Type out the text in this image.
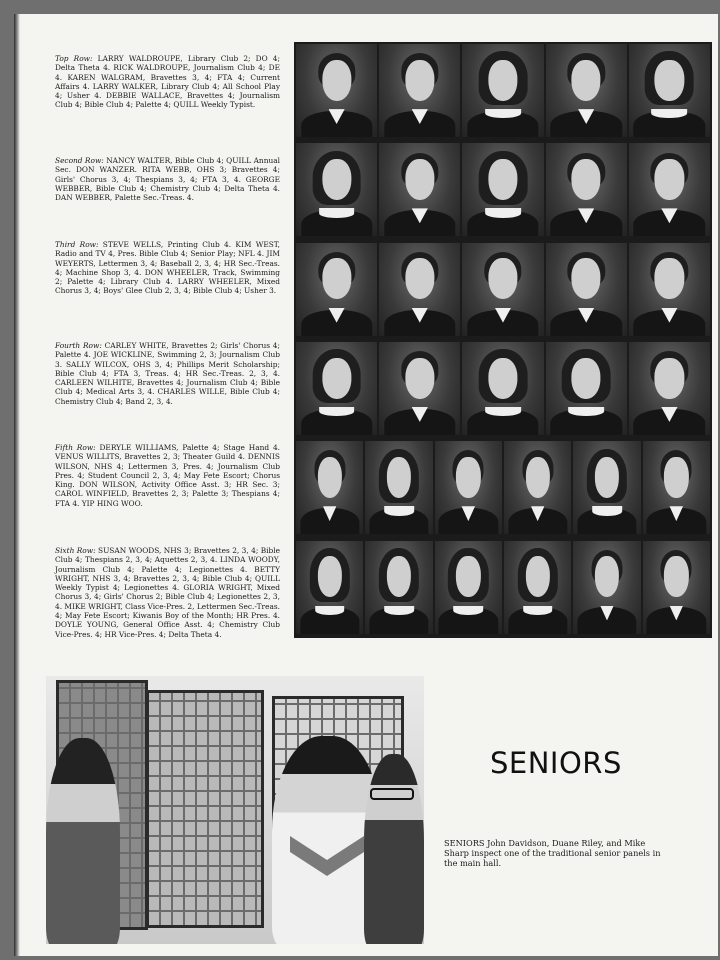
Top Row: LARRY WALDROUPE, Library Club 2; DO 4; Delta Theta 4. RICK WALDROUPE, Journalism Club 4; DE 4. KAREN WALGRAM, Bravettes 3, 4; FTA 4; Current Affairs 4. LARRY WALKER, Library Club 4; All School Play 4; Usher 4. DEBBIE WALLACE, Bravettes 4; Journalism Club 4; Bible Club 4; Palette 4; QUILL Weekly Typist.
Second Row: NANCY WALTER, Bible Club 4; QUILL Annual Sec. DON WANZER. RITA WEBB, OHS 3; Bravettes 4; Girls' Chorus 3, 4; Thespians 3, 4; FTA 3, 4. GEORGE WEBBER, Bible Club 4; Chemistry Club 4; Delta Theta 4. DAN WEBBER, Palette Sec.-Treas. 4.
Third Row: STEVE WELLS, Printing Club 4. KIM WEST, Radio and TV 4, Pres. Bible Club 4; Senior Play; NFL 4. JIM WEYERTS, Lettermen 3, 4; Baseball 2, 3, 4; HR Sec.-Treas. 4; Machine Shop 3, 4. DON WHEELER, Track, Swimming 2; Palette 4; Library Club 4. LARRY WHEELER, Mixed Chorus 3, 4; Boys' Glee Club 2, 3, 4; Bible Club 4; Usher 3.
Fourth Row: CARLEY WHITE, Bravettes 2; Girls' Chorus 4; Palette 4. JOE WICKLINE, Swimming 2, 3; Journalism Club 3. SALLY WILCOX, OHS 3, 4; Phillips Merit Scholarship; Bible Club 4; FTA 3, Treas. 4; HR Sec.-Treas. 2, 3, 4. CARLEEN WILHITE, Bravettes 4; Journalism Club 4; Bible Club 4; Medical Arts 3, 4. CHARLES WILLE, Bible Club 4; Chemistry Club 4; Band 2, 3, 4.
Fifth Row: DERYLE WILLIAMS, Palette 4; Stage Hand 4. VENUS WILLITS, Bravettes 2, 3; Theater Guild 4. DENNIS WILSON, NHS 4; Lettermen 3, Pres. 4; Journalism Club Pres. 4; Student Council 2, 3, 4; May Fete Escort; Chorus King. DON WILSON, Activity Office Asst. 3; HR Sec. 3; CAROL WINFIELD, Bravettes 2, 3; Palette 3; Thespians 4; FTA 4. YIP HING WOO.
Sixth Row: SUSAN WOODS, NHS 3; Bravettes 2, 3, 4; Bible Club 4; Thespians 2, 3, 4; Aquettes 2, 3, 4. LINDA WOODY, Journalism Club 4; Palette 4; Legionettes 4. BETTY WRIGHT, NHS 3, 4; Bravettes 2, 3, 4; Bible Club 4; QUILL Weekly Typist 4; Legionettes 4. GLORIA WRIGHT, Mixed Chorus 3, 4; Girls' Chorus 2; Bible Club 4; Legionettes 2, 3, 4. MIKE WRIGHT, Class Vice-Pres. 2, Lettermen Sec.-Treas. 4; May Fete Escort; Kiwanis Boy of the Month; HR Pres. 4. DOYLE YOUNG, General Office Asst. 4; Chemistry Club Vice-Pres. 4; HR Vice-Pres. 4; Delta Theta 4.
SENIORS
SENIORS John Davidson, Duane Riley, and Mike Sharp inspect one of the traditional senior panels in the main hall.
